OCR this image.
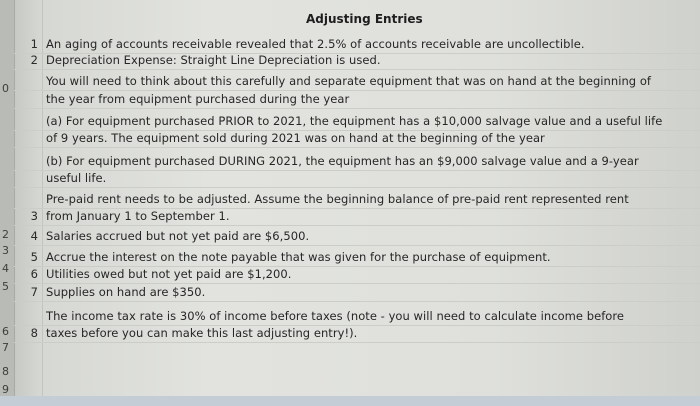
0
2
3
4
5
6
7
8
9
Adjusting Entries
1 An aging of accounts receivable revealed that 2.5% of accounts receivable are uncollectible.
2 Depreciation Expense: Straight Line Depreciation is used.
You will need to think about this carefully and separate equipment that was on hand at the beginning of
the year from equipment purchased during the year
(a) For equipment purchased PRIOR to 2021, the equipment has a $10,000 salvage value and a useful life
of 9 years. The equipment sold during 2021 was on hand at the beginning of the year
(b) For equipment purchased DURING 2021, the equipment has an $9,000 salvage value and a 9-year
useful life.
Pre-paid rent needs to be adjusted. Assume the beginning balance of pre-paid rent represented rent
3 from January 1 to September 1.
4 Salaries accrued but not yet paid are $6,500.
5 Accrue the interest on the note payable that was given for the purchase of equipment.
6 Utilities owed but not yet paid are $1,200.
7 Supplies on hand are $350.
The income tax rate is 30% of income before taxes (note - you will need to calculate income before
8 taxes before you can make this last adjusting entry!).
